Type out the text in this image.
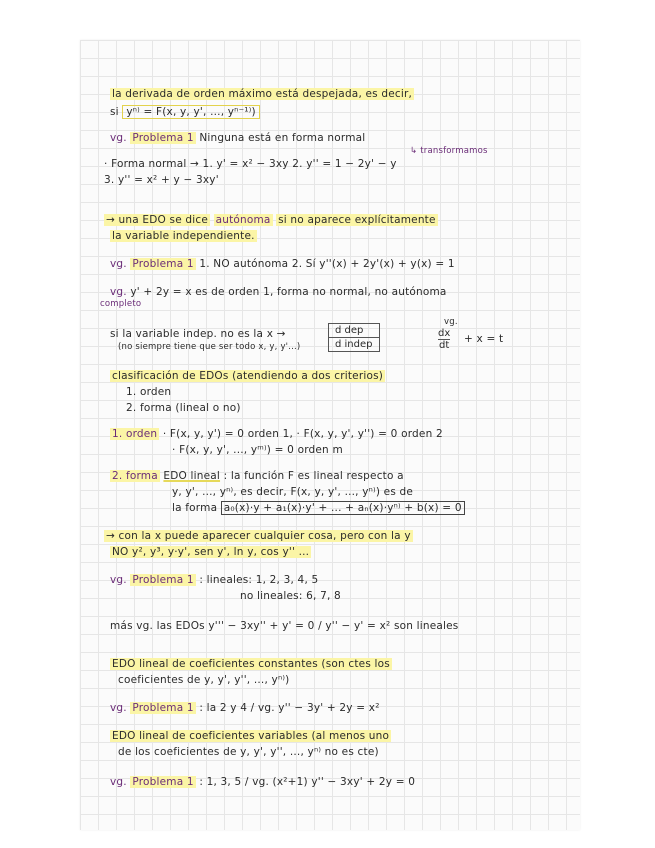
la derivada de orden máximo está despejada, es decir,
si yⁿ⁾ = F(x, y, y', ..., yⁿ⁻¹⁾)
vg. Problema 1 Ninguna está en forma normal
↳ transformamos
· Forma normal → 1. y' = x² − 3xy 2. y'' = 1 − 2y' − y
3. y'' = x² + y − 3xy'
→ una EDO se dice autónoma si no aparece explícitamente
la variable independiente.
vg. Problema 1 1. NO autónoma 2. Sí y''(x) + 2y'(x) + y(x) = 1
vg. y' + 2y = x es de orden 1, forma no normal, no autónoma
completo
si la variable indep. no es la x →
(no siempre tiene que ser todo x, y, y'...)
d dep
d indep
vg.
$\frac{dx}{dt} + x = t$
clasificación de EDOs (atendiendo a dos criterios)
1. orden
2. forma (lineal o no)
1. orden · F(x, y, y') = 0 orden 1, · F(x, y, y', y'') = 0 orden 2
· F(x, y, y', ..., yᵐ⁾) = 0 orden m
2. forma EDO lineal : la función F es lineal respecto a
y, y', ..., yⁿ⁾, es decir, F(x, y, y', ..., yⁿ⁾) es de
la forma a₀(x)·y + a₁(x)·y' + ... + aₙ(x)·yⁿ⁾ + b(x) = 0
→ con la x puede aparecer cualquier cosa, pero con la y
NO y², y³, y·y', sen y', ln y, cos y'' ...
vg. Problema 1 : lineales: 1, 2, 3, 4, 5
no lineales: 6, 7, 8
más vg. las EDOs y''' − 3xy'' + y' = 0 / y'' − y' = x² son lineales
EDO lineal de coeficientes constantes (son ctes los
coeficientes de y, y', y'', ..., yⁿ⁾)
vg. Problema 1 : la 2 y 4 / vg. y'' − 3y' + 2y = x²
EDO lineal de coeficientes variables (al menos uno
de los coeficientes de y, y', y'', ..., yⁿ⁾ no es cte)
vg. Problema 1 : 1, 3, 5 / vg. (x²+1) y'' − 3xy' + 2y = 0
